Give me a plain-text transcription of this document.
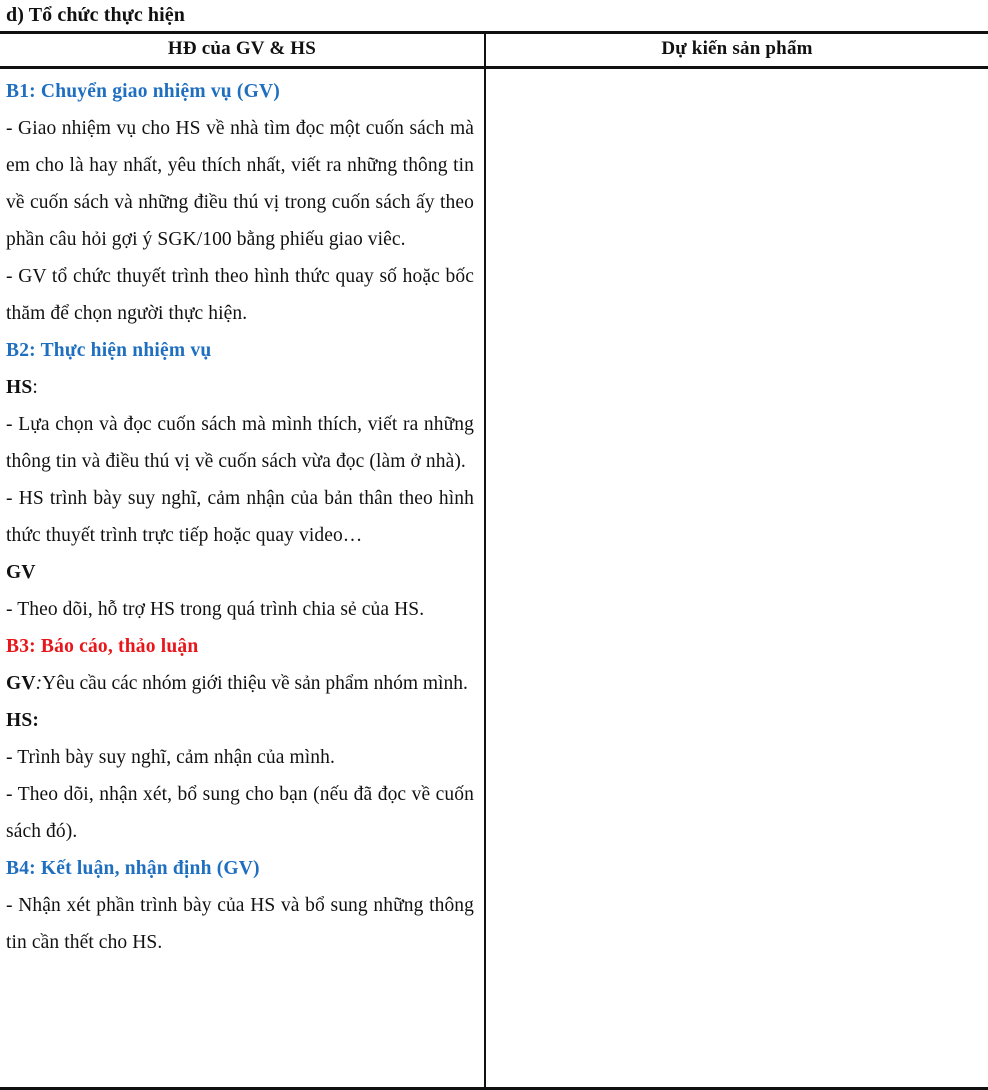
d) Tổ chức thực hiện
HĐ của GV & HS	Dự kiến sản phẩm

B1: Chuyển giao nhiệm vụ (GV)

- Giao nhiệm vụ cho HS về nhà tìm đọc một cuốn sách mà em cho là hay nhất, yêu thích nhất, viết ra những thông tin về cuốn sách và những điều thú vị trong cuốn sách ấy theo phần câu hỏi gợi ý SGK/100 bằng phiếu giao viêc.

- GV tổ chức thuyết trình theo hình thức quay số hoặc bốc thăm để chọn người thực hiện.

B2: Thực hiện nhiệm vụ

HS:

- Lựa chọn và đọc cuốn sách mà mình thích, viết ra những thông tin và điều thú vị về cuốn sách vừa đọc (làm ở nhà).

- HS trình bày suy nghĩ, cảm nhận của bản thân theo hình thức thuyết trình trực tiếp hoặc quay video…

GV

- Theo dõi, hỗ trợ HS trong quá trình chia sẻ của HS.

B3: Báo cáo, thảo luận

GV:Yêu cầu các nhóm giới thiệu về sản phẩm nhóm mình.

HS:

- Trình bày suy nghĩ, cảm nhận của mình.

- Theo dõi, nhận xét, bổ sung cho bạn (nếu đã đọc về cuốn sách đó).

B4: Kết luận, nhận định (GV)

- Nhận xét phần trình bày của HS và bổ sung những thông tin cần thết cho HS.
